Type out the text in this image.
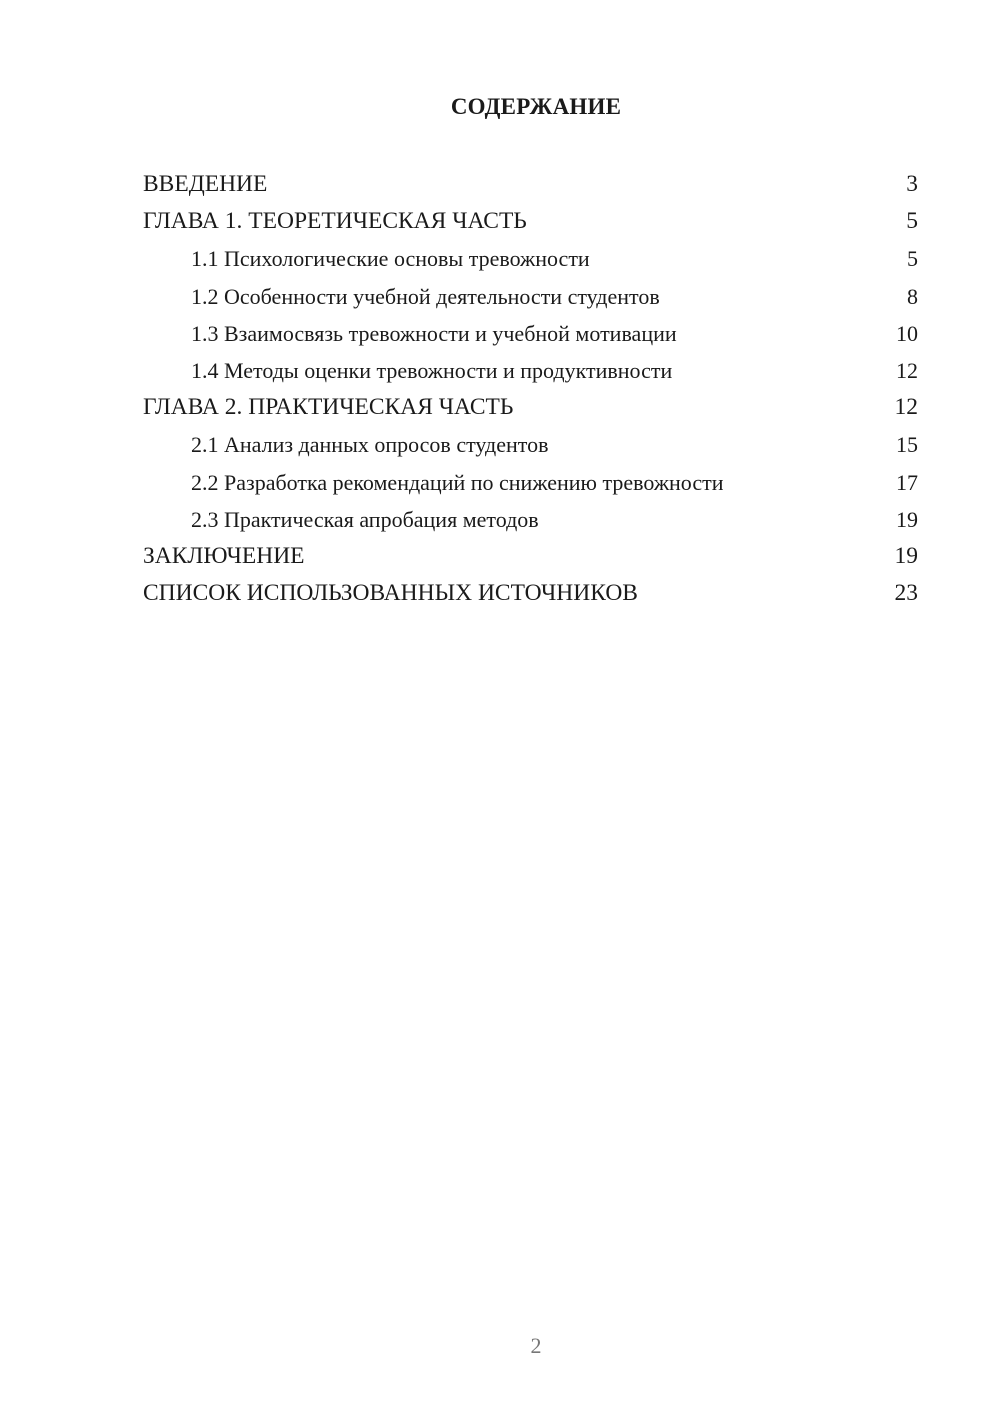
СОДЕРЖАНИЕ
ВВЕДЕНИЕ	3
ГЛАВА 1. ТЕОРЕТИЧЕСКАЯ ЧАСТЬ	5
1.1 Психологические основы тревожности	5
1.2 Особенности учебной деятельности студентов	8
1.3 Взаимосвязь тревожности и учебной мотивации	10
1.4 Методы оценки тревожности и продуктивности	12
ГЛАВА 2. ПРАКТИЧЕСКАЯ ЧАСТЬ	12
2.1 Анализ данных опросов студентов	15
2.2 Разработка рекомендаций по снижению тревожности	17
2.3 Практическая апробация методов	19
ЗАКЛЮЧЕНИЕ	19
СПИСОК ИСПОЛЬЗОВАННЫХ ИСТОЧНИКОВ	23
2
